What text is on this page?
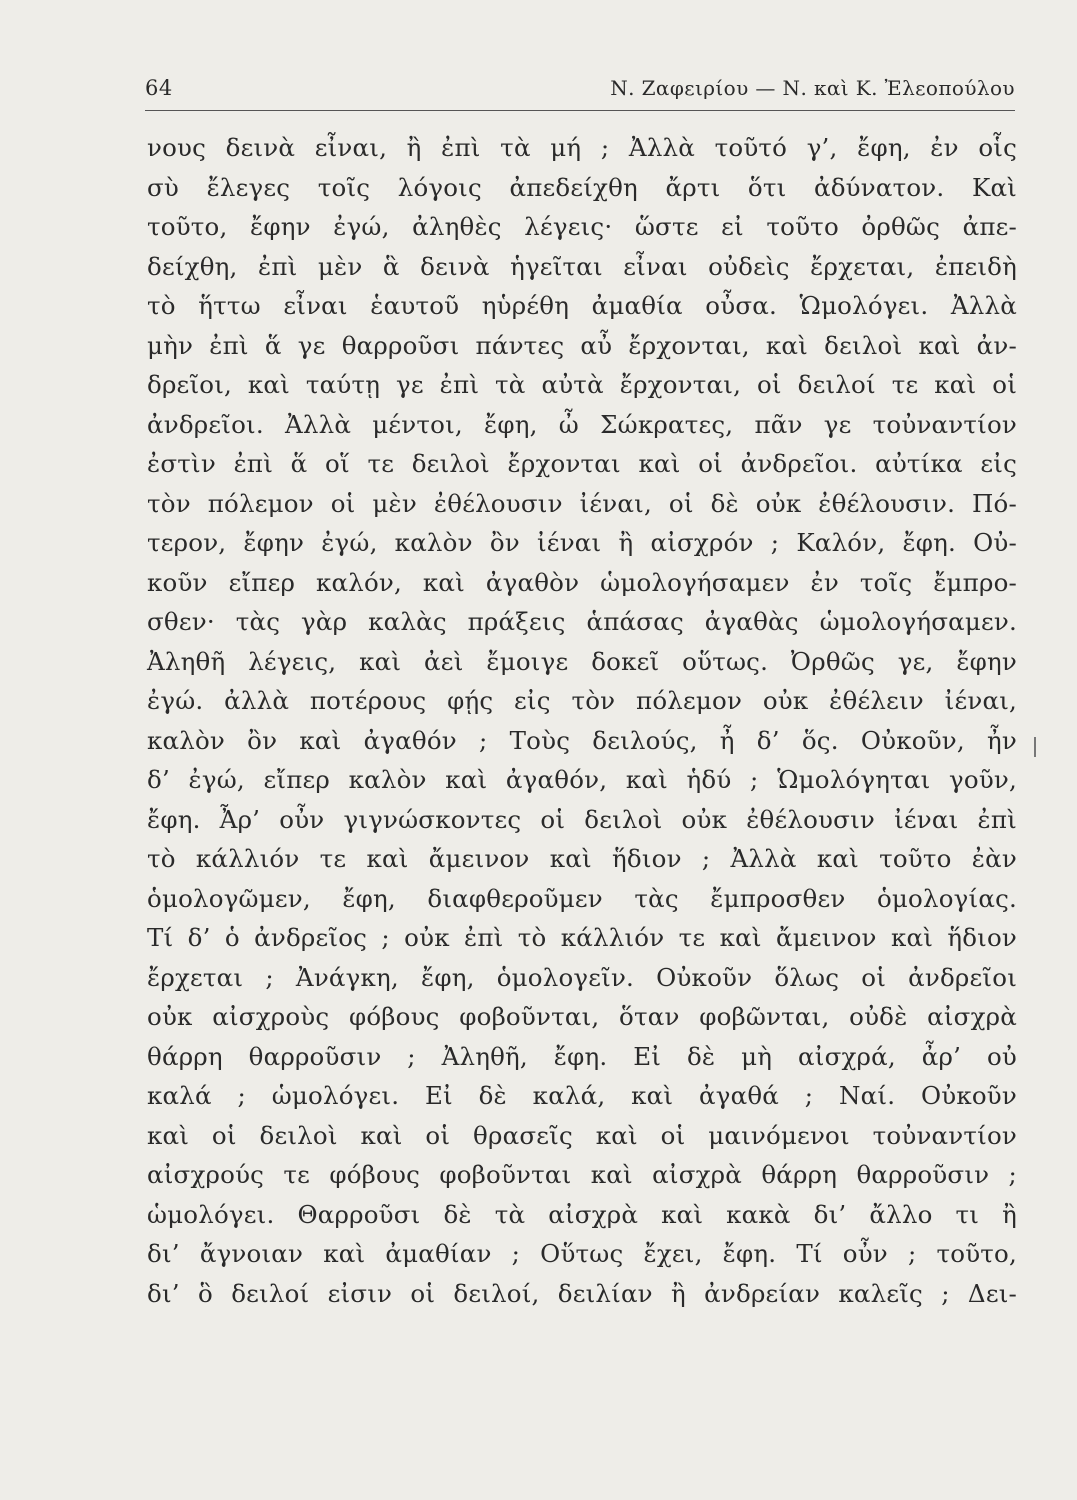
64	Ν. Ζαφειρίου — Ν. καὶ Κ. Ἐλεοπούλου
νους δεινὰ εἶναι, ἢ ἐπὶ τὰ μή ; Ἀλλὰ τοῦτό γ’, ἔφη, ἐν οἷς
σὺ ἔλεγες τοῖς λόγοις ἀπεδείχθη ἄρτι ὅτι ἀδύνατον. Καὶ
τοῦτο, ἔφην ἐγώ, ἀληθὲς λέγεις· ὥστε εἰ τοῦτο ὀρθῶς ἀπε-
δείχθη, ἐπὶ μὲν ἃ δεινὰ ἡγεῖται εἶναι οὐδεὶς ἔρχεται, ἐπειδὴ
τὸ ἥττω εἶναι ἑαυτοῦ ηὑρέθη ἀμαθία οὖσα. Ὡμολόγει. Ἀλλὰ
μὴν ἐπὶ ἅ γε θαρροῦσι πάντες αὖ ἔρχονται, καὶ δειλοὶ καὶ ἀν-
δρεῖοι, καὶ ταύτῃ γε ἐπὶ τὰ αὐτὰ ἔρχονται, οἱ δειλοί τε καὶ οἱ
ἀνδρεῖοι. Ἀλλὰ μέντοι, ἔφη, ὦ Σώκρατες, πᾶν γε τοὐναντίον
ἐστὶν ἐπὶ ἅ οἵ τε δειλοὶ ἔρχονται καὶ οἱ ἀνδρεῖοι. αὐτίκα εἰς
τὸν πόλεμον οἱ μὲν ἐθέλουσιν ἰέναι, οἱ δὲ οὐκ ἐθέλουσιν. Πό-
τερον, ἔφην ἐγώ, καλὸν ὂν ἰέναι ἢ αἰσχρόν ; Καλόν, ἔφη. Οὐ-
κοῦν εἴπερ καλόν, καὶ ἀγαθὸν ὡμολογήσαμεν ἐν τοῖς ἔμπρο-
σθεν· τὰς γὰρ καλὰς πράξεις ἁπάσας ἀγαθὰς ὡμολογήσαμεν.
Ἀληθῆ λέγεις, καὶ ἀεὶ ἔμοιγε δοκεῖ οὕτως. Ὀρθῶς γε, ἔφην
ἐγώ. ἀλλὰ ποτέρους φῄς εἰς τὸν πόλεμον οὐκ ἐθέλειν ἰέναι,
καλὸν ὂν καὶ ἀγαθόν ; Τοὺς δειλούς, ἦ δ’ ὅς. Οὐκοῦν, ἦν
δ’ ἐγώ, εἴπερ καλὸν καὶ ἀγαθόν, καὶ ἡδύ ; Ὡμολόγηται γοῦν,
ἔφη. Ἆρ’ οὖν γιγνώσκοντες οἱ δειλοὶ οὐκ ἐθέλουσιν ἰέναι ἐπὶ
τὸ κάλλιόν τε καὶ ἄμεινον καὶ ἥδιον ; Ἀλλὰ καὶ τοῦτο ἐὰν
ὁμολογῶμεν, ἔφη, διαφθεροῦμεν τὰς ἔμπροσθεν ὁμολογίας.
Τί δ’ ὁ ἀνδρεῖος ; οὐκ ἐπὶ τὸ κάλλιόν τε καὶ ἄμεινον καὶ ἥδιον
ἔρχεται ; Ἀνάγκη, ἔφη, ὁμολογεῖν. Οὐκοῦν ὅλως οἱ ἀνδρεῖοι
οὐκ αἰσχροὺς φόβους φοβοῦνται, ὅταν φοβῶνται, οὐδὲ αἰσχρὰ
θάρρη θαρροῦσιν ; Ἀληθῆ, ἔφη. Εἰ δὲ μὴ αἰσχρά, ἆρ’ οὐ
καλά ; ὡμολόγει. Εἰ δὲ καλά, καὶ ἀγαθά ; Ναί. Οὐκοῦν
καὶ οἱ δειλοὶ καὶ οἱ θρασεῖς καὶ οἱ μαινόμενοι τοὐναντίον
αἰσχρούς τε φόβους φοβοῦνται καὶ αἰσχρὰ θάρρη θαρροῦσιν ;
ὡμολόγει. Θαρροῦσι δὲ τὰ αἰσχρὰ καὶ κακὰ δι’ ἄλλο τι ἢ
δι’ ἄγνοιαν καὶ ἀμαθίαν ; Οὕτως ἔχει, ἔφη. Τί οὖν ; τοῦτο,
δι’ ὃ δειλοί εἰσιν οἱ δειλοί, δειλίαν ἢ ἀνδρείαν καλεῖς ; Δει-
